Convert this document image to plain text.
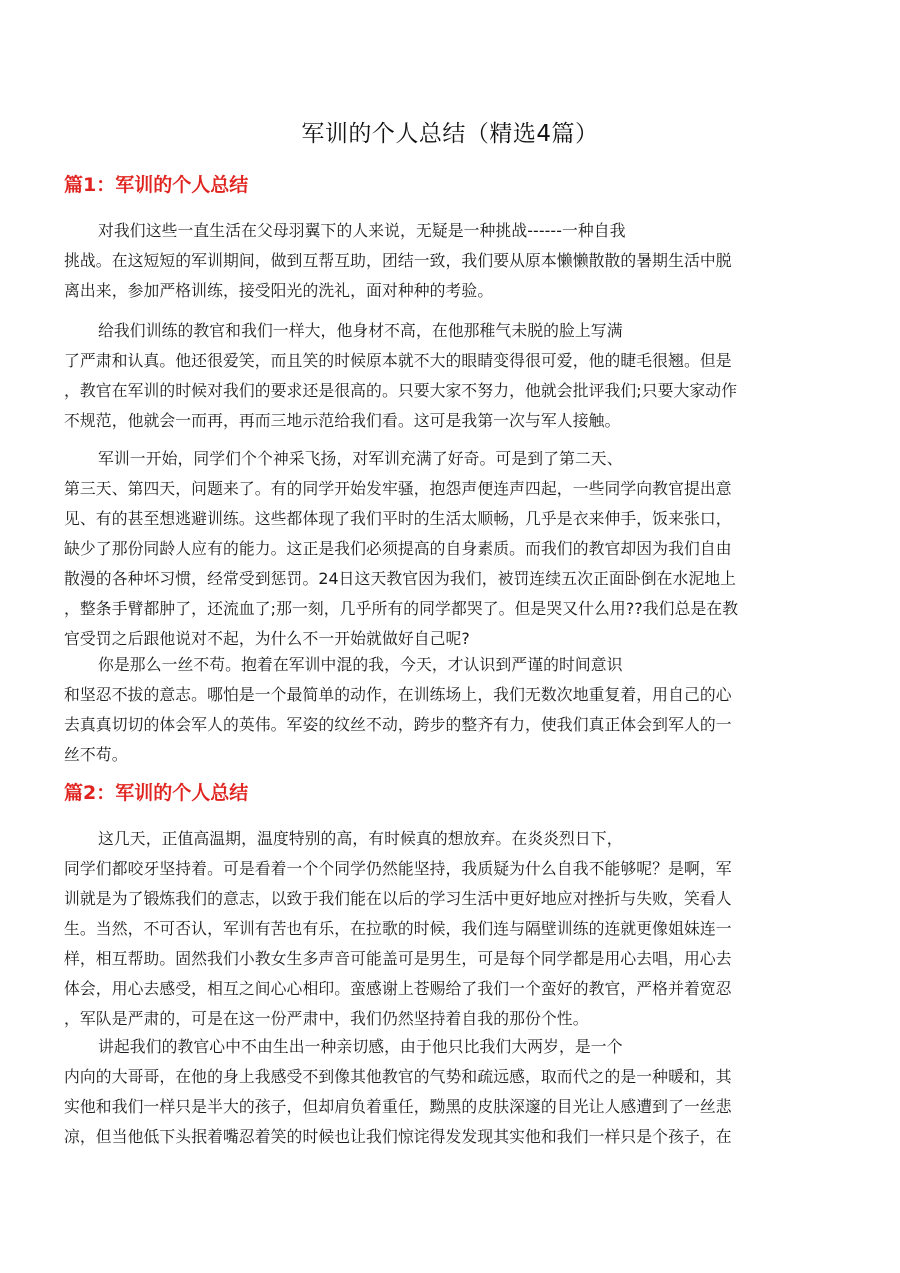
军训的个人总结（精选4篇）
篇1：军训的个人总结
对我们这些一直生活在父母羽翼下的人来说，无疑是一种挑战------一种自我
挑战。在这短短的军训期间，做到互帮互助，团结一致，我们要从原本懒懒散散的暑期生活中脱
离出来，参加严格训练，接受阳光的洗礼，面对种种的考验。
给我们训练的教官和我们一样大，他身材不高，在他那稚气未脱的脸上写满
了严肃和认真。他还很爱笑，而且笑的时候原本就不大的眼睛变得很可爱，他的睫毛很翘。但是
，教官在军训的时候对我们的要求还是很高的。只要大家不努力，他就会批评我们;只要大家动作
不规范，他就会一而再，再而三地示范给我们看。这可是我第一次与军人接触。
军训一开始，同学们个个神采飞扬，对军训充满了好奇。可是到了第二天、
第三天、第四天，问题来了。有的同学开始发牢骚，抱怨声便连声四起，一些同学向教官提出意
见、有的甚至想逃避训练。这些都体现了我们平时的生活太顺畅，几乎是衣来伸手，饭来张口，
缺少了那份同龄人应有的能力。这正是我们必须提高的自身素质。而我们的教官却因为我们自由
散漫的各种坏习惯，经常受到惩罚。24日这天教官因为我们，被罚连续五次正面卧倒在水泥地上
，整条手臂都肿了，还流血了;那一刻，几乎所有的同学都哭了。但是哭又什么用??我们总是在教
官受罚之后跟他说对不起，为什么不一开始就做好自己呢?
你是那么一丝不苟。抱着在军训中混的我，今天，才认识到严谨的时间意识
和坚忍不拔的意志。哪怕是一个最简单的动作，在训练场上，我们无数次地重复着，用自己的心
去真真切切的体会军人的英伟。军姿的纹丝不动，跨步的整齐有力，使我们真正体会到军人的一
丝不苟。
篇2：军训的个人总结
这几天，正值高温期，温度特别的高，有时候真的想放弃。在炎炎烈日下，
同学们都咬牙坚持着。可是看着一个个同学仍然能坚持，我质疑为什么自我不能够呢？是啊，军
训就是为了锻炼我们的意志，以致于我们能在以后的学习生活中更好地应对挫折与失败，笑看人
生。当然，不可否认，军训有苦也有乐，在拉歌的时候，我们连与隔壁训练的连就更像姐妹连一
样，相互帮助。固然我们小教女生多声音可能盖可是男生，可是每个同学都是用心去唱，用心去
体会，用心去感受，相互之间心心相印。蛮感谢上苍赐给了我们一个蛮好的教官，严格并着宽忍
，军队是严肃的，可是在这一份严肃中，我们仍然坚持着自我的那份个性。
讲起我们的教官心中不由生出一种亲切感，由于他只比我们大两岁，是一个
内向的大哥哥，在他的身上我感受不到像其他教官的气势和疏远感，取而代之的是一种暖和，其
实他和我们一样只是半大的孩子，但却肩负着重任，黝黑的皮肤深邃的目光让人感遭到了一丝悲
凉，但当他低下头抿着嘴忍着笑的时候也让我们惊诧得发发现其实他和我们一样只是个孩子，在
